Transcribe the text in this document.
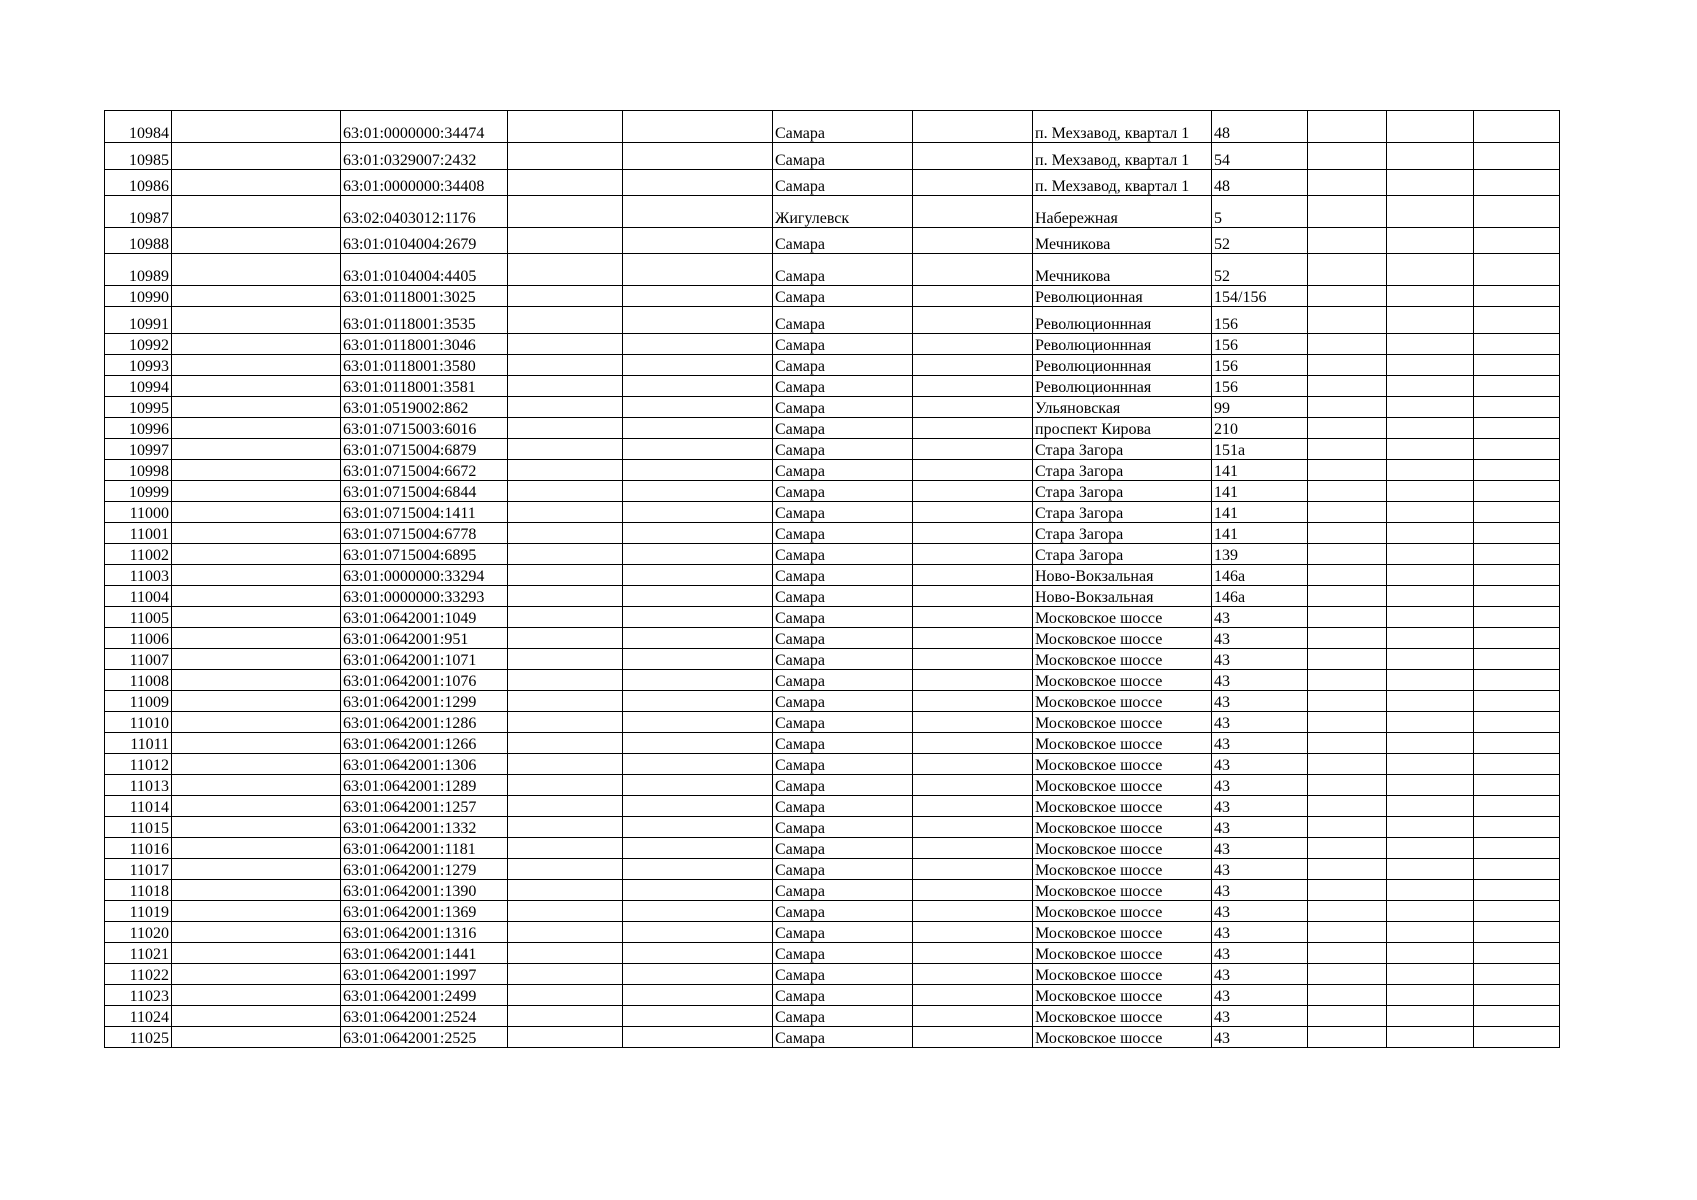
10984		63:01:0000000:34474			Самара		п. Мехзавод, квартал 1	48			
10985		63:01:0329007:2432			Самара		п. Мехзавод, квартал 1	54			
10986		63:01:0000000:34408			Самара		п. Мехзавод, квартал 1	48			
10987		63:02:0403012:1176			Жигулевск		Набережная	5			
10988		63:01:0104004:2679			Самара		Мечникова	52			
10989		63:01:0104004:4405			Самара		Мечникова	52			
10990		63:01:0118001:3025			Самара		Революционная	154/156			
10991		63:01:0118001:3535			Самара		Революционнная	156			
10992		63:01:0118001:3046			Самара		Революционнная	156			
10993		63:01:0118001:3580			Самара		Революционнная	156			
10994		63:01:0118001:3581			Самара		Революционнная	156			
10995		63:01:0519002:862			Самара		Ульяновская	99			
10996		63:01:0715003:6016			Самара		проспект Кирова	210			
10997		63:01:0715004:6879			Самара		Стара Загора	151а			
10998		63:01:0715004:6672			Самара		Стара Загора	141			
10999		63:01:0715004:6844			Самара		Стара Загора	141			
11000		63:01:0715004:1411			Самара		Стара Загора	141			
11001		63:01:0715004:6778			Самара		Стара Загора	141			
11002		63:01:0715004:6895			Самара		Стара Загора	139			
11003		63:01:0000000:33294			Самара		Ново-Вокзальная	146а			
11004		63:01:0000000:33293			Самара		Ново-Вокзальная	146а			
11005		63:01:0642001:1049			Самара		Московское шоссе	43			
11006		63:01:0642001:951			Самара		Московское шоссе	43			
11007		63:01:0642001:1071			Самара		Московское шоссе	43			
11008		63:01:0642001:1076			Самара		Московское шоссе	43			
11009		63:01:0642001:1299			Самара		Московское шоссе	43			
11010		63:01:0642001:1286			Самара		Московское шоссе	43			
11011		63:01:0642001:1266			Самара		Московское шоссе	43			
11012		63:01:0642001:1306			Самара		Московское шоссе	43			
11013		63:01:0642001:1289			Самара		Московское шоссе	43			
11014		63:01:0642001:1257			Самара		Московское шоссе	43			
11015		63:01:0642001:1332			Самара		Московское шоссе	43			
11016		63:01:0642001:1181			Самара		Московское шоссе	43			
11017		63:01:0642001:1279			Самара		Московское шоссе	43			
11018		63:01:0642001:1390			Самара		Московское шоссе	43			
11019		63:01:0642001:1369			Самара		Московское шоссе	43			
11020		63:01:0642001:1316			Самара		Московское шоссе	43			
11021		63:01:0642001:1441			Самара		Московское шоссе	43			
11022		63:01:0642001:1997			Самара		Московское шоссе	43			
11023		63:01:0642001:2499			Самара		Московское шоссе	43			
11024		63:01:0642001:2524			Самара		Московское шоссе	43			
11025		63:01:0642001:2525			Самара		Московское шоссе	43			
